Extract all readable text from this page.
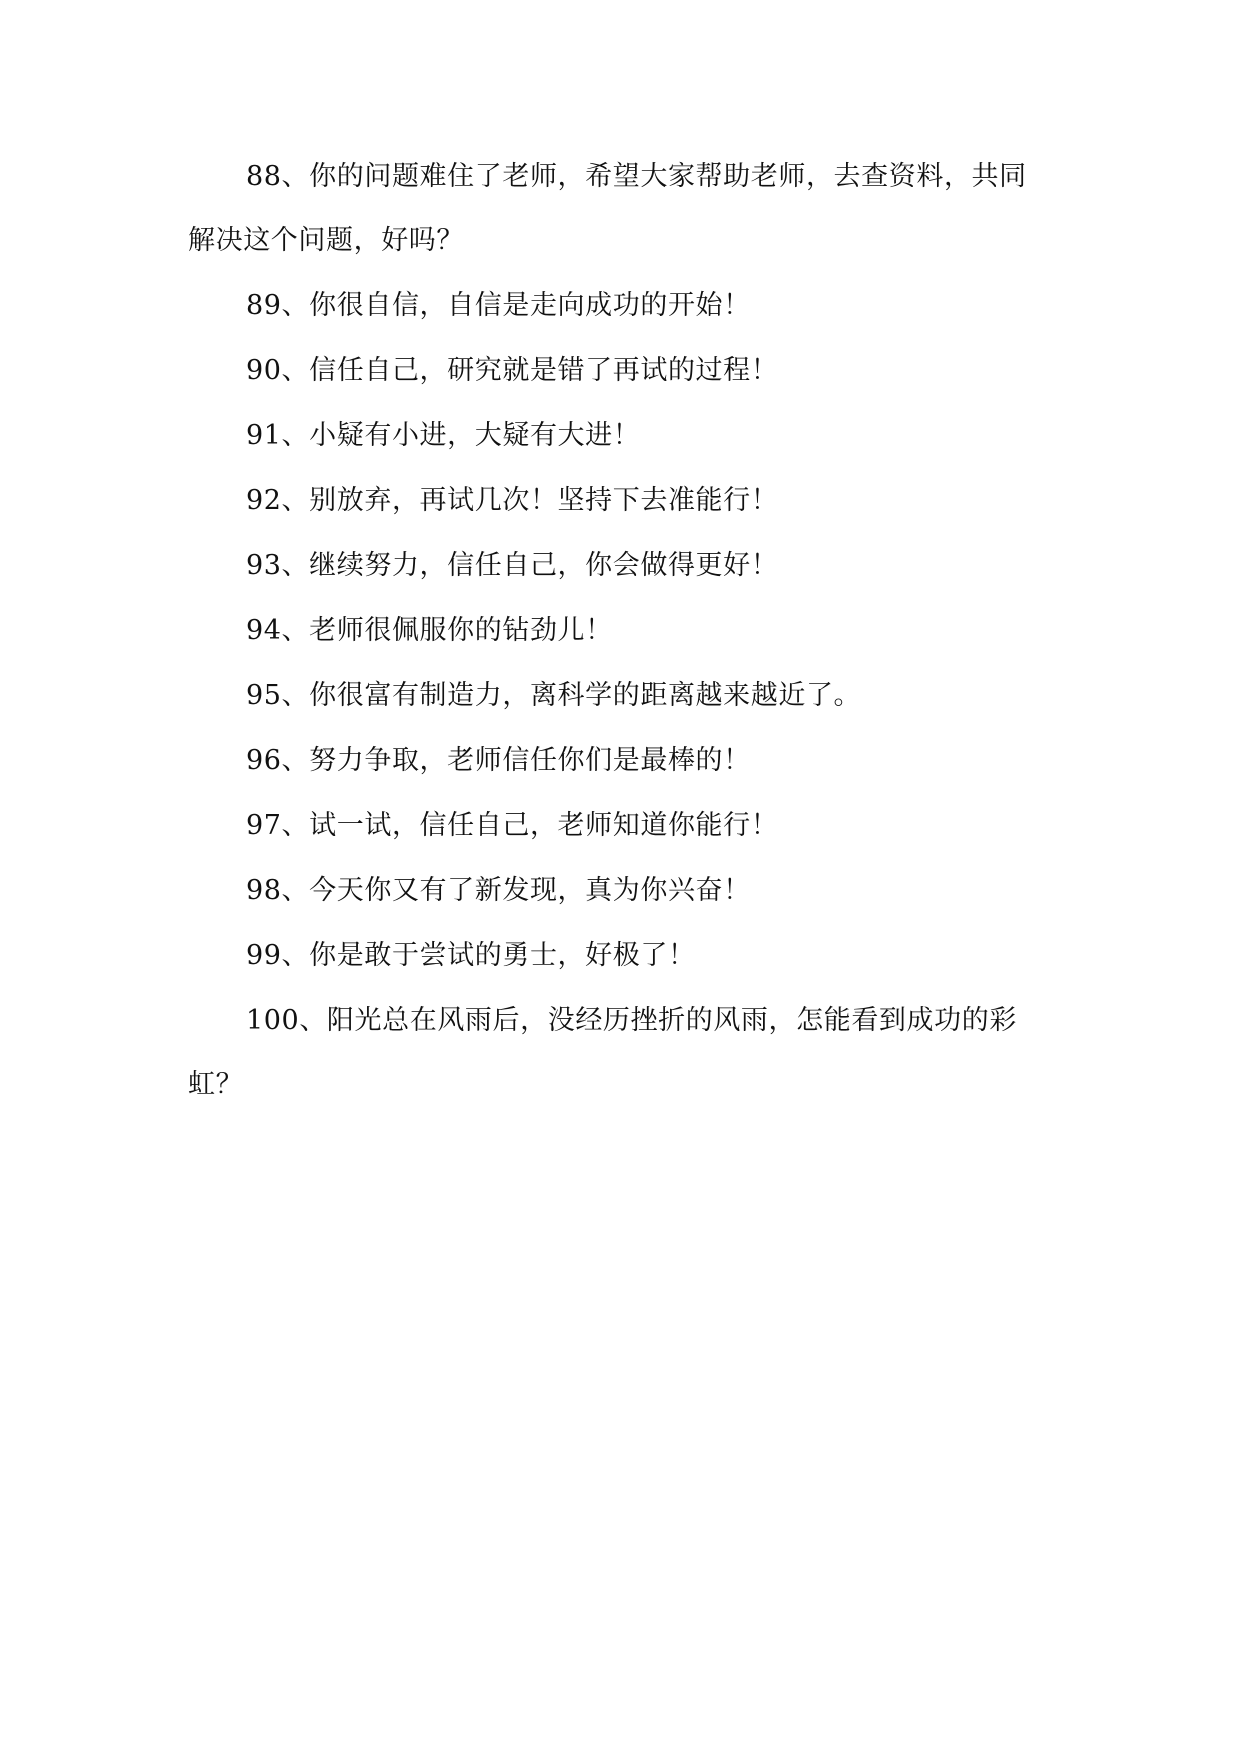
88、你的问题难住了老师，希望大家帮助老师，去查资料，共同解决这个问题，好吗？

89、你很自信，自信是走向成功的开始！

90、信任自己，研究就是错了再试的过程！

91、小疑有小进，大疑有大进！

92、别放弃，再试几次！坚持下去准能行！

93、继续努力，信任自己，你会做得更好！

94、老师很佩服你的钻劲儿！

95、你很富有制造力，离科学的距离越来越近了。

96、努力争取，老师信任你们是最棒的！

97、试一试，信任自己，老师知道你能行！

98、今天你又有了新发现，真为你兴奋！

99、你是敢于尝试的勇士，好极了！

100、阳光总在风雨后，没经历挫折的风雨，怎能看到成功的彩虹？
